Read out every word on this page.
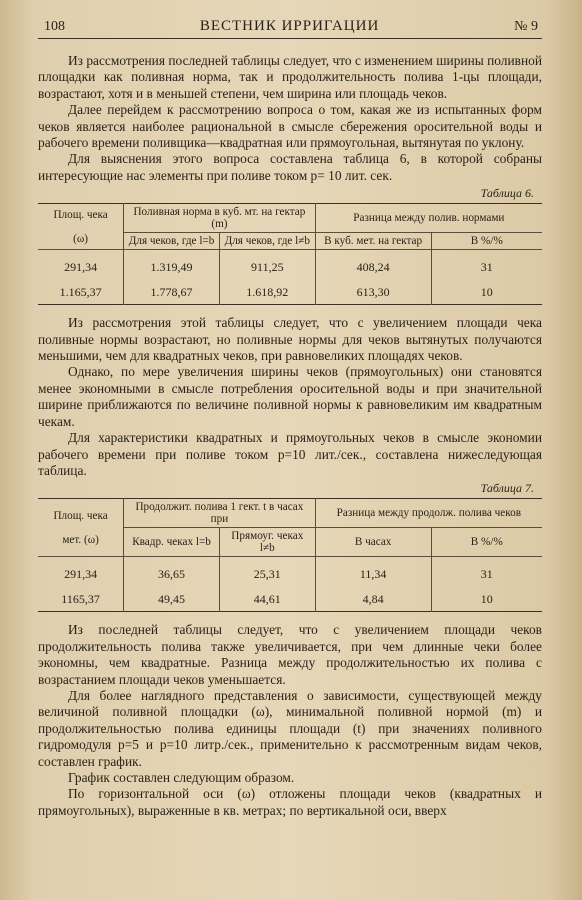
108	ВЕСТНИК ИРРИГАЦИИ	№ 9

Из рассмотрения последней таблицы следует, что с изменением ширины поливной площадки как поливная норма, так и продолжительность полива 1-цы площади, возрастают, хотя и в меньшей степени, чем ширина или площадь чеков.

Далее перейдем к рассмотрению вопроса о том, какая же из испытанных форм чеков является наиболее рациональной в смысле сбережения оросительной воды и рабочего времени поливщика—квадратная или прямоугольная, вытянутая по уклону.

Для выяснения этого вопроса составлена таблица 6, в которой собраны интересующие нас элементы при поливе током p= 10 лит. сек.

Таблица 6.
Площ. чека

(ω)	Поливная норма в куб. мт. на гектар (m)		Разница между полив. нормами	
	Для чеков, где l=b	Для чеков, где l≠b	В куб. мет. на гектар	В %/%
291,34	1.319,49	911,25	408,24	31
1.165,37	1.778,67	1.618,92	613,30	10

Из рассмотрения этой таблицы следует, что с увеличением площади чека поливные нормы возрастают, но поливные нормы для чеков вытянутых получаются меньшими, чем для квадратных чеков, при равновеликих площадях чеков.

Однако, по мере увеличения ширины чеков (прямоугольных) они становятся менее экономными в смысле потребления оросительной воды и при значительной ширине приближаются по величине поливной нормы к равновеликим им квадратным чекам.

Для характеристики квадратных и прямоугольных чеков в смысле экономии рабочего времени при поливе током p=10 лит./сек., составлена нижеследующая таблица.

Таблица 7.
Площ. чека

мет. (ω)	Продолжит. полива 1 гект. t в часах при		Разница между продолж. полива чеков	
	Квадр. чеках l=b	Прямоуг. чеках l≠b	В часах	В %/%
291,34	36,65	25,31	11,34	31
1165,37	49,45	44,61	4,84	10

Из последней таблицы следует, что с увеличением площади чеков продолжительность полива также увеличивается, при чем длинные чеки более экономны, чем квадратные. Разница между продолжительностью их полива с возрастанием площади чеков уменьшается.

Для более наглядного представления о зависимости, существующей между величиной поливной площадки (ω), минимальной поливной нормой (m) и продолжительностью полива единицы площади (t) при значениях поливного гидромодуля p=5 и p=10 литр./сек., применительно к рассмотренным видам чеков, составлен график.

График составлен следующим образом.

По горизонтальной оси (ω) отложены площади чеков (квадратных и прямоугольных), выраженные в кв. метрах; по вертикальной оси, вверх
